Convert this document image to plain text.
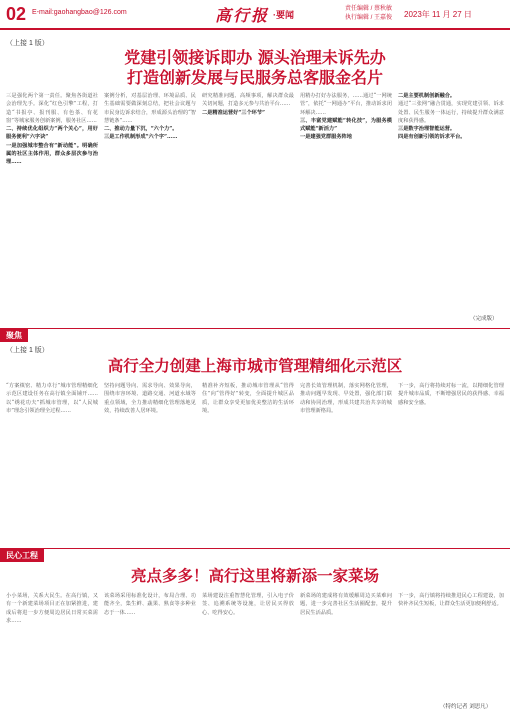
02 E-mail:gaohangbao@126.com	高行报 ·要闻
责任编辑 / 蔡秋敏
执行编辑 / 王嘉俊 2023年 11 月 27 日
（上接 1 版）
党建引领接诉即办 源头治理未诉先办
打造创新发展与民服务总客服金名片
三是强化两个第一责任。聚焦各街道社会治理先手。深化“红色引擎”工程，打造“书报亭、报刊服、有色茶、有花窗”等城家服务创新案例，服务社区……
二、持续优化组织力“两个关心”，用好服务便利“六字诀”
一是加强城市整合有“新动能”。明确所属的社区主体作用，群众多层次参与治理……
案例分析，对基层治理、环境品质、民生基础需要做深刻总结，把社会议题与市民身边诉求结合，形成源头治理的“智慧链条”……
二、推动力量下沉，“六个力”。
三是工作机制形成“六个字”……
研究精准问题、高频事项，解决群众最关切问题，打造多元参与共治平台……
二是精准运营好“三个环节”
用精办打好办法服务，……通过“一网统管”，依托“一网通办”平台，推动诉求闭环解决……
三、丰富党建赋能“转化技”，为服务模式赋能“新活力”
一是建强党群服务阵地
二是主要机制创新融合。
通过“三张网”融合贯通，实现党建引领、诉求处置、民生服务一体运行，持续提升群众满意度和获得感。
三是数字治理智能运营。
四是有创新引领的诉求平台。
（完成版）
聚焦
（上接 1 版）
高行全力创建上海市城市管理精细化示范区
“方案缜密、精力卓行”城市管理精细化示范区建设任务在高行镇全面铺开……以“绣花功夫”抓城市管理，以“人民城市”理念引领治理全过程……
坚持问题导向、需求导向、效果导向，围绕市容环境、道路交通、河道水域等重点领域，全力推动精细化管理落地见效，持续改善人居环境。
精准补齐短板，推动城市管理从“管得住”向“管得好”转变，全面提升城区品质，让群众享受更加优美整洁的生活环境。
完善长效管理机制，落实网格化管理，推动问题早发现、早处置，强化部门联动和协同治理，形成共建共治共享的城市管理新格局。
下一步，高行将持续对标一流，以精细化管理提升城市品质，不断增强居民的获得感、幸福感和安全感。
民心工程
亮点多多！高行这里将新添一家菜场
小小菜场，关系大民生。在高行镇，又有一个新建菜场项目正在加紧推进，建成后将进一步方便周边居民日常买菜需求……
该菜场采用标准化设计，布局合理、功能齐全，集生鲜、蔬果、熟食等多种业态于一体……
菜场建设注重智慧化管理，引入电子价签、追溯系统等设施，让居民买得放心、吃得安心。
新菜场的建成将有效缓解周边买菜难问题，进一步完善社区生活圈配套，提升居民生活品质。
下一步，高行镇将持续推进民心工程建设，加快补齐民生短板，让群众生活更加便利舒适。
（特约记者 刘思凡）
